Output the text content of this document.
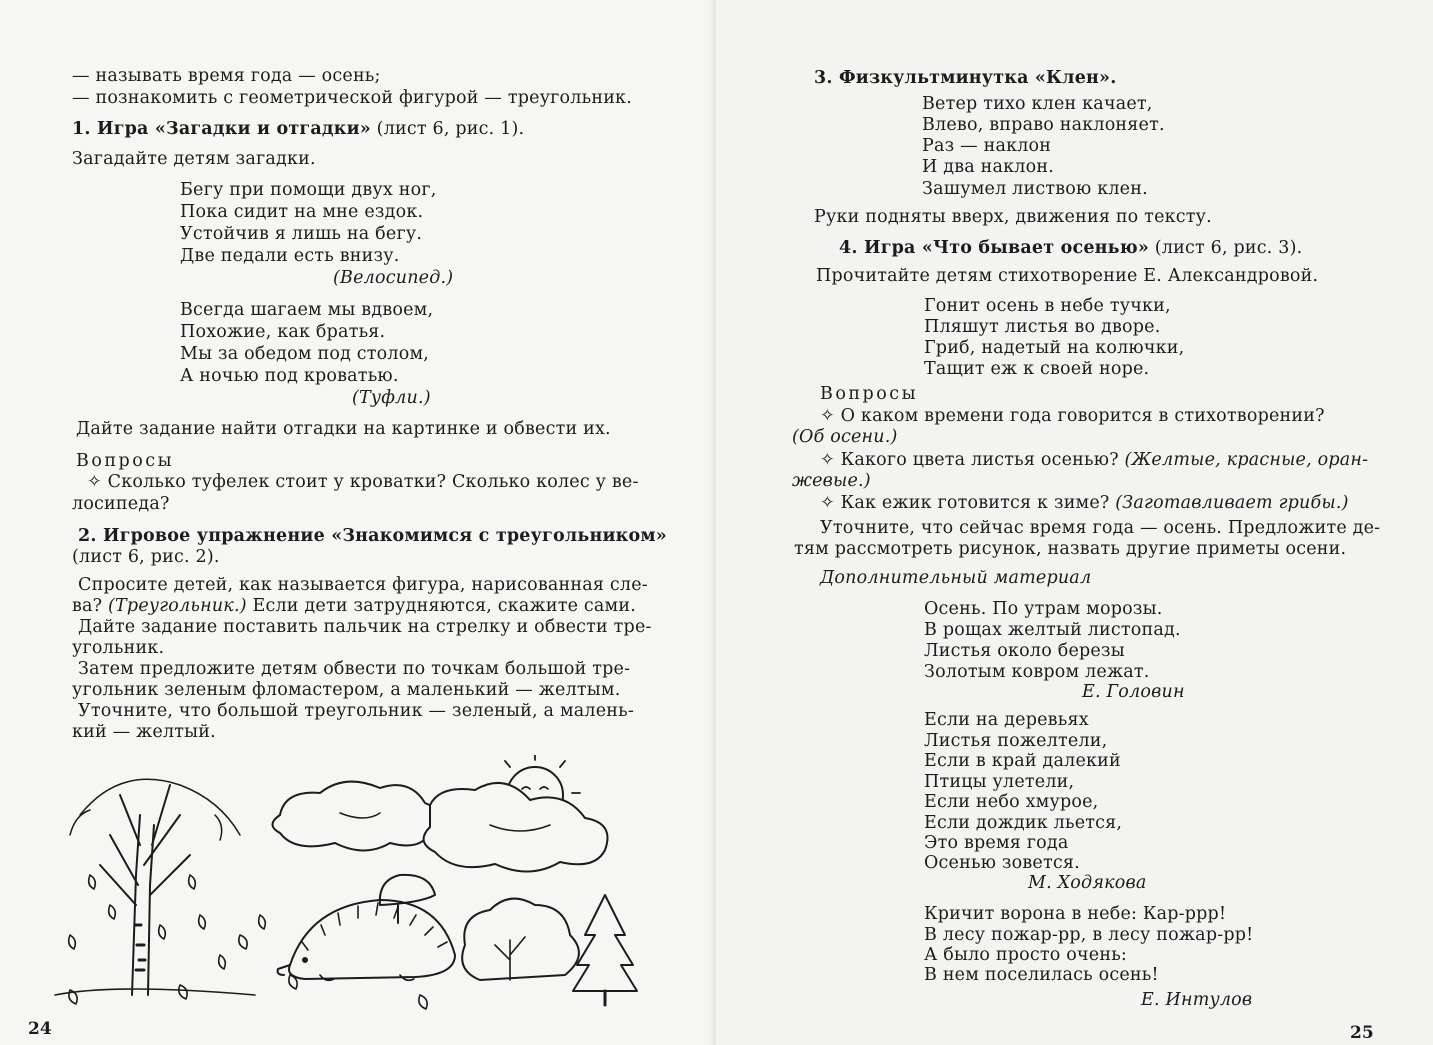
— называть время года — осень;
— познакомить с геометрической фигурой — треугольник.
1. Игра «Загадки и отгадки» (лист 6, рис. 1).
Загадайте детям загадки.
Бегу при помощи двух ног,
Пока сидит на мне ездок.
Устойчив я лишь на бегу.
Две педали есть внизу.
(Велосипед.)
Всегда шагаем мы вдвоем,
Похожие, как братья.
Мы за обедом под столом,
А ночью под кроватью.
(Туфли.)
Дайте задание найти отгадки на картинке и обвести их.
Вопросы
✧ Сколько туфелек стоит у кроватки? Сколько колес у ве-
лосипеда?
2. Игровое упражнение «Знакомимся с треугольником»
(лист 6, рис. 2).
Спросите детей, как называется фигура, нарисованная сле-
ва? (Треугольник.) Если дети затрудняются, скажите сами.
Дайте задание поставить пальчик на стрелку и обвести тре-
угольник.
Затем предложите детям обвести по точкам большой тре-
угольник зеленым фломастером, а маленький — желтым.
Уточните, что большой треугольник — зеленый, а малень-
кий — желтый.
24
3. Физкультминутка «Клен».
Ветер тихо клен качает,
Влево, вправо наклоняет.
Раз — наклон
И два наклон.
Зашумел листвою клен.
Руки подняты вверх, движения по тексту.
4. Игра «Что бывает осенью» (лист 6, рис. 3).
Прочитайте детям стихотворение Е. Александровой.
Гонит осень в небе тучки,
Пляшут листья во дворе.
Гриб, надетый на колючки,
Тащит еж к своей норе.
Вопросы
✧ О каком времени года говорится в стихотворении?
(Об осени.)
✧ Какого цвета листья осенью? (Желтые, красные, оран-
жевые.)
✧ Как ежик готовится к зиме? (Заготавливает грибы.)
Уточните, что сейчас время года — осень. Предложите де-
тям рассмотреть рисунок, назвать другие приметы осени.
Дополнительный материал
Осень. По утрам морозы.
В рощах желтый листопад.
Листья около березы
Золотым ковром лежат.
Е. Головин
Если на деревьях
Листья пожелтели,
Если в край далекий
Птицы улетели,
Если небо хмурое,
Если дождик льется,
Это время года
Осенью зовется.
М. Ходякова
Кричит ворона в небе: Кар-ррр!
В лесу пожар-рр, в лесу пожар-рр!
А было просто очень:
В нем поселилась осень!
Е. Интулов
25
